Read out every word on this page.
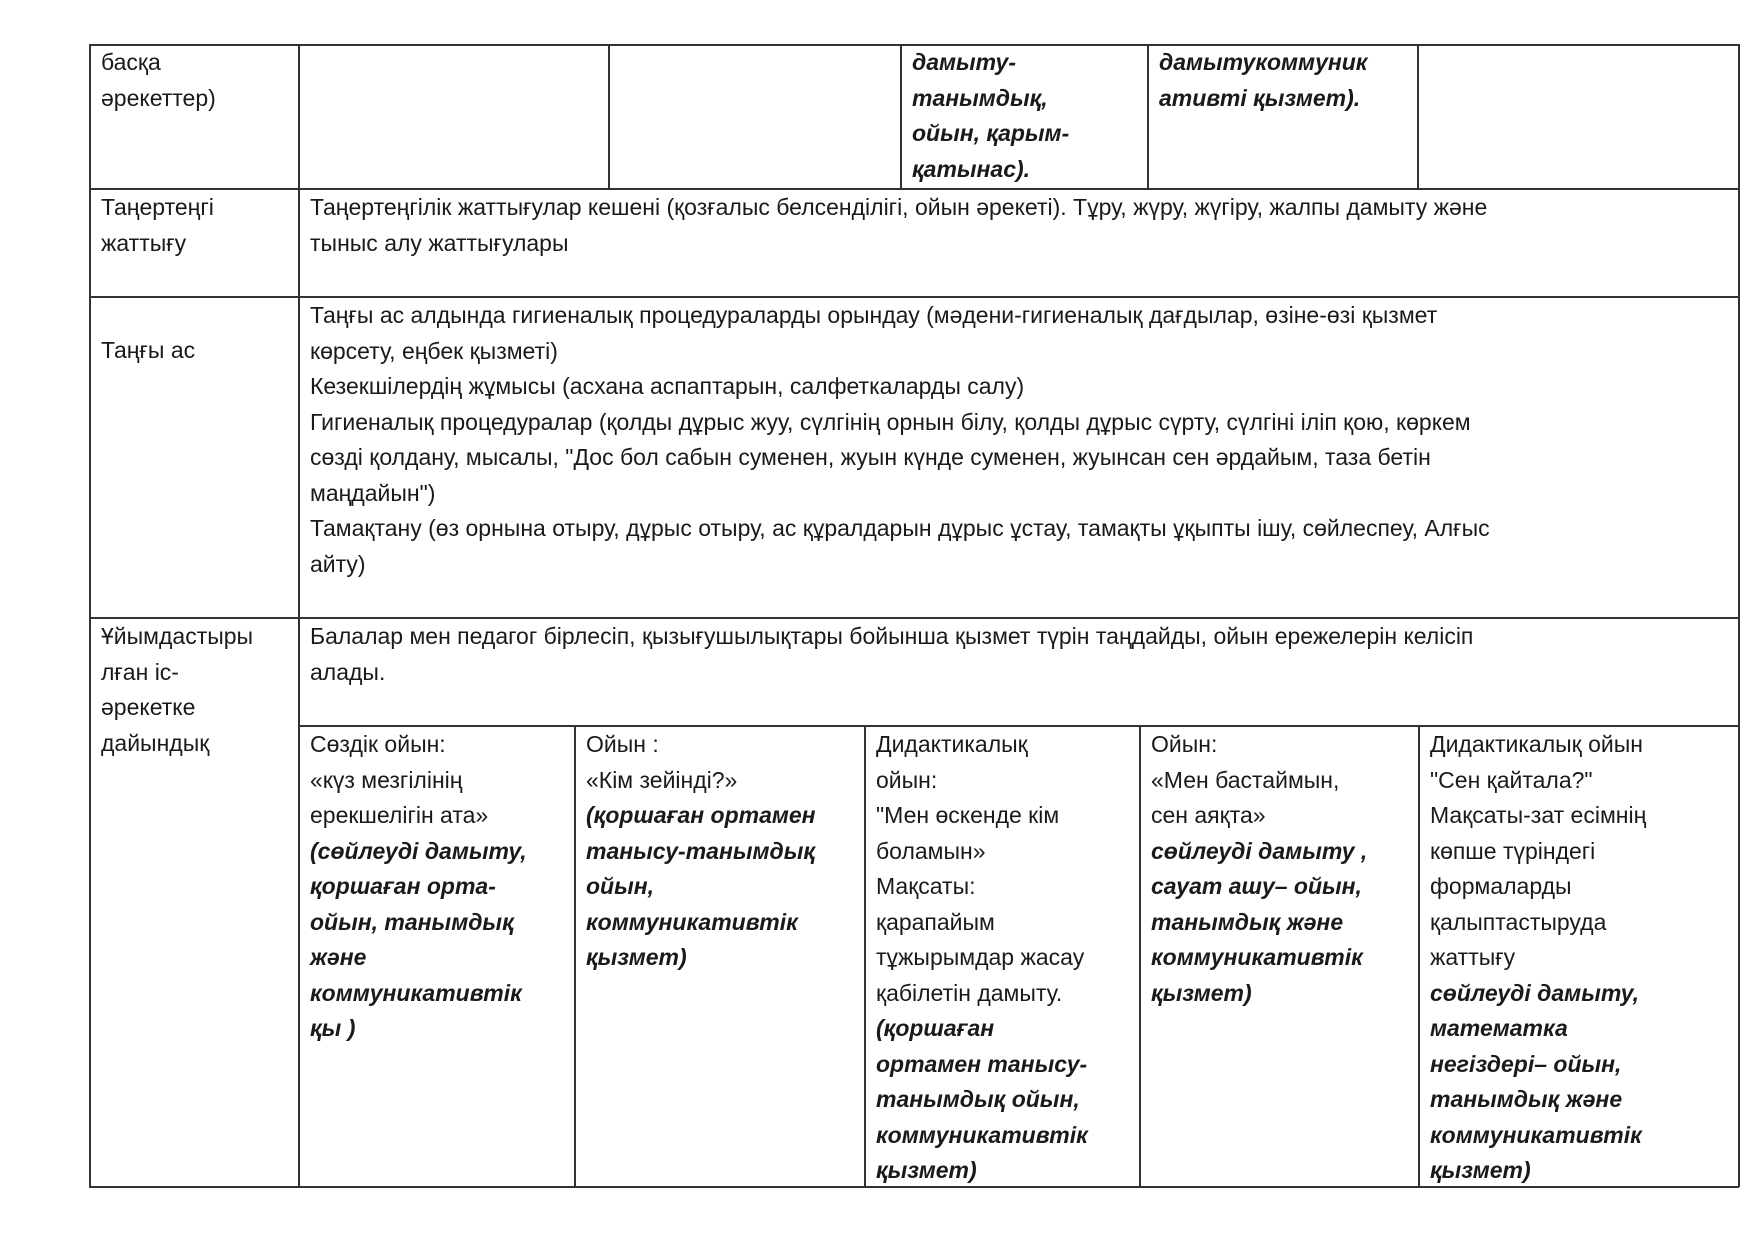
басқа
әрекеттер)
дамыту-
танымдық,
ойын, қарым-
қатынас).
дамытукоммуник
ативті қызмет).
Таңертеңгі
жаттығу
Таңертеңгілік жаттығулар кешені (қозғалыс белсенділігі, ойын әрекеті). Тұру, жүру, жүгіру, жалпы дамыту және
тыныс алу жаттығулары
Таңғы ас
Таңғы ас алдында гигиеналық процедураларды орындау (мәдени-гигиеналық дағдылар, өзіне-өзі қызмет
көрсету, еңбек қызметі)
Кезекшілердің жұмысы (асхана аспаптарын, салфеткаларды салу)
Гигиеналық процедуралар (қолды дұрыс жуу, сүлгінің орнын білу, қолды дұрыс сүрту, сүлгіні іліп қою, көркем
сөзді қолдану, мысалы, "Дос бол сабын суменен, жуын күнде суменен, жуынсан сен әрдайым, таза бетін
маңдайын")
Тамақтану (өз орнына отыру, дұрыс отыру, ас құралдарын дұрыс ұстау, тамақты ұқыпты ішу, сөйлеспеу, Алғыс
айту)
Ұйымдастыры
лған іс-
әрекетке
дайындық
Балалар мен педагог бірлесіп, қызығушылықтары бойынша қызмет түрін таңдайды, ойын ережелерін келісіп
алады.
Сөздік ойын:
«күз мезгілінің
ерекшелігін ата»
(сөйлеуді дамыту,
қоршаған орта-
ойын, танымдық
және
коммуникативтік
қы )
Ойын :
«Кім зейінді?»
(қоршаған ортамен
танысу-танымдық
ойын,
коммуникативтік
қызмет)
Дидактикалық
ойын:
"Мен өскенде кім
боламын»
Мақсаты:
қарапайым
тұжырымдар жасау
қабілетін дамыту.
(қоршаған
ортамен танысу-
танымдық ойын,
коммуникативтік
қызмет)
Ойын:
«Мен бастаймын,
сен аяқта»
сөйлеуді дамыту ,
сауат ашу– ойын,
танымдық және
коммуникативтік
қызмет)
Дидактикалық ойын
"Сен қайтала?"
Мақсаты-зат есімнің
көпше түріндегі
формаларды
қалыптастыруда
жаттығу
сөйлеуді дамыту,
математка
негіздері– ойын,
танымдық және
коммуникативтік
қызмет)
